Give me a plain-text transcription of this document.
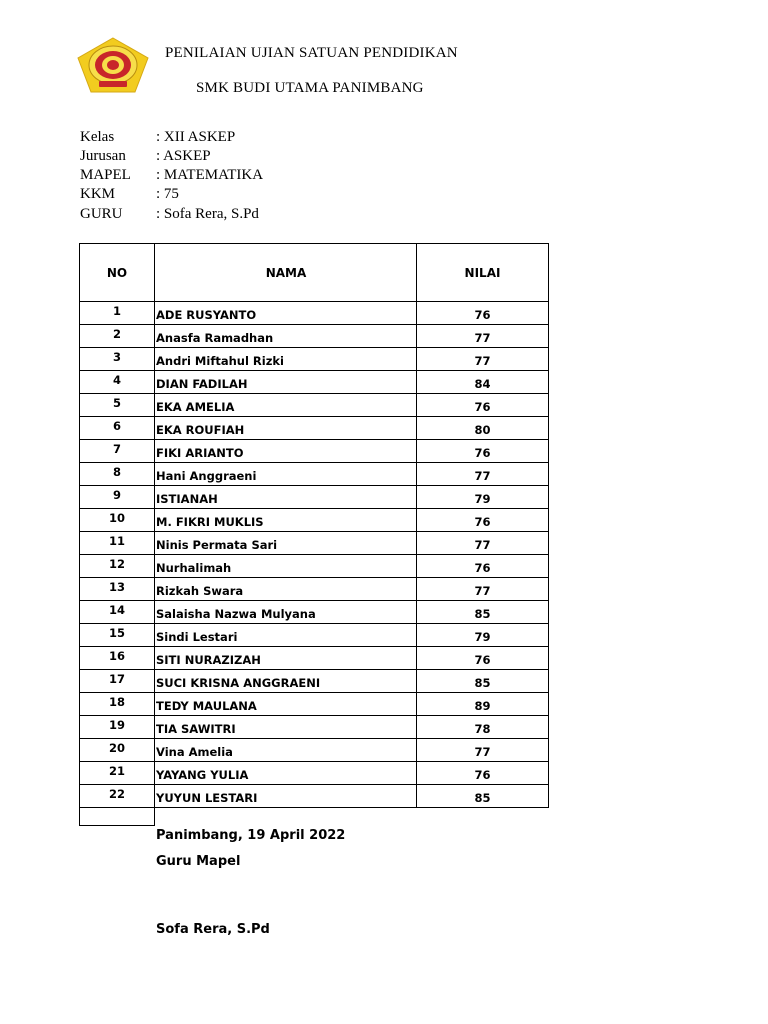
PENILAIAN UJIAN SATUAN PENDIDIKAN
SMK BUDI UTAMA PANIMBANG
Kelas	: XII ASKEP
Jurusan : ASKEP
MAPEL : MATEMATIKA
KKM	: 75
GURU : Sofa Rera, S.Pd
NO	NAMA	NILAI
1	ADE RUSYANTO	76
2	Anasfa Ramadhan	77
3	Andri Miftahul Rizki	77
4	DIAN FADILAH	84
5	EKA AMELIA	76
6	EKA ROUFIAH	80
7	FIKI ARIANTO	76
8	Hani Anggraeni	77
9	ISTIANAH	79
10	M. FIKRI MUKLIS	76
11	Ninis Permata Sari	77
12	Nurhalimah	76
13	Rizkah Swara	77
14	Salaisha Nazwa Mulyana	85
15	Sindi Lestari	79
16	SITI NURAZIZAH	76
17	SUCI KRISNA ANGGRAENI	85
18	TEDY MAULANA	89
19	TIA SAWITRI	78
20	Vina Amelia	77
21	YAYANG YULIA	76
22	YUYUN LESTARI	85
Panimbang, 19 April 2022
Guru Mapel
Sofa Rera, S.Pd
